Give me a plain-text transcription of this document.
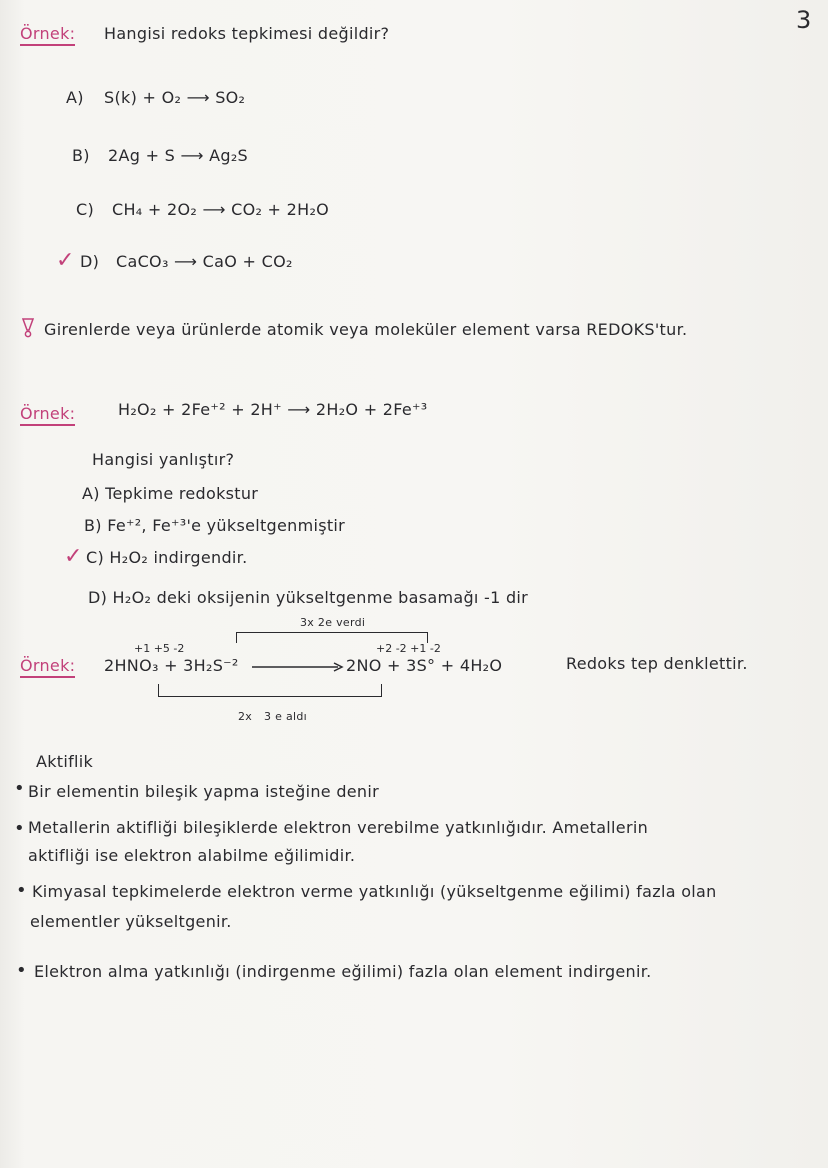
3
Örnek: Hangisi redoks tepkimesi değildir?
A) S(k) + O₂ ⟶ SO₂
B) 2Ag + S ⟶ Ag₂S
C) CH₄ + 2O₂ ⟶ CO₂ + 2H₂O
✓ D) CaCO₃ ⟶ CaO + CO₂
Girenlerde veya ürünlerde atomik veya moleküler element varsa REDOKS'tur.
Örnek:	H₂O₂ + 2Fe⁺² + 2H⁺ ⟶ 2H₂O + 2Fe⁺³
Hangisi yanlıştır?
A) Tepkime redokstur
B) Fe⁺², Fe⁺³'e yükseltgenmiştir
✓ C) H₂O₂ indirgendir.
D) H₂O₂ deki oksijenin yükseltgenme basamağı -1 dir
3x 2e verdi
Örnek:
+1 +5 -2
2HNO₃ + 3H₂S⁻²
+2 -2 +1 -2
2NO + 3S° + 4H₂O	Redoks tep denklettir.
2x 3 e aldı
Aktiflik
• Bir elementin bileşik yapma isteğine denir
• Metallerin aktifliği bileşiklerde elektron verebilme yatkınlığıdır. Ametallerin
aktifliği ise elektron alabilme eğilimidir.
• Kimyasal tepkimelerde elektron verme yatkınlığı (yükseltgenme eğilimi) fazla olan
elementler yükseltgenir.
• Elektron alma yatkınlığı (indirgenme eğilimi) fazla olan element indirgenir.
